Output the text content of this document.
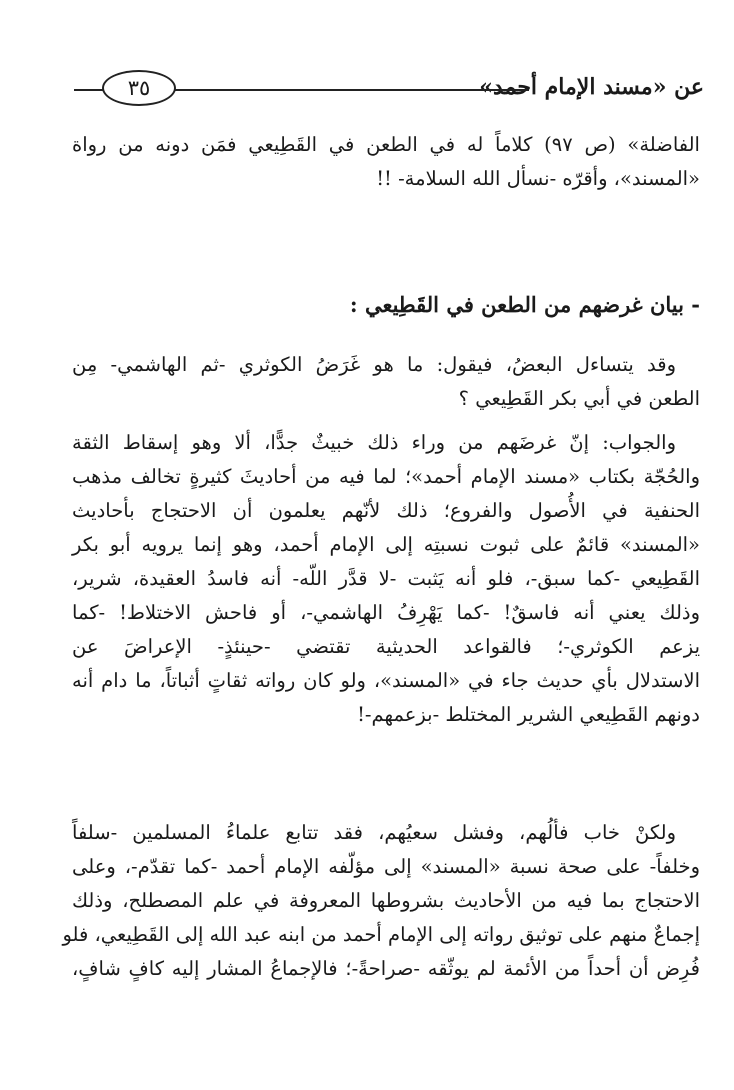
عن «مسند الإمام أحمد»
٣٥
الفاضلة» (ص ٩٧) كلاماً له في الطعن في القَطِيعي فمَن دونه من رواة
«المسند»، وأقرّه -نسأل الله السلامة- !!
- بيان غرضهم من الطعن في القَطِيعي :
وقد يتساءل البعضُ، فيقول: ما هو غَرَضُ الكوثري -ثم الهاشمي- مِن
الطعن في أبي بكر القَطِيعي ؟
والجواب: إنّ غرضَهم من وراء ذلك خبيثٌ جدًّا، ألا وهو إسقاط الثقة
والحُجّة بكتاب «مسند الإمام أحمد»؛ لما فيه من أحاديثَ كثيرةٍ تخالف مذهب
الحنفية في الأُصول والفروع؛ ذلك لأنّهم يعلمون أن الاحتجاج بأحاديث
«المسند» قائمٌ على ثبوت نسبتِه إلى الإمام أحمد، وهو إنما يرويه أبو بكر
القَطِيعي -كما سبق-، فلو أنه يَثبت -لا قدَّر اللّه- أنه فاسدُ العقيدة، شرير،
وذلك يعني أنه فاسقٌ! -كما يَهْرِفُ الهاشمي-، أو فاحش الاختلاط! -كما
يزعم الكوثري-؛ فالقواعد الحديثية تقتضي -حينئذٍ- الإعراضَ عن
الاستدلال بأي حديث جاء في «المسند»، ولو كان رواته ثقاتٍ أثباتاً، ما دام أنه
دونهم القَطِيعي الشرير المختلط -بزعمهم-!
ولكنْ خاب فألُهم، وفشل سعيُهم، فقد تتابع علماءُ المسلمين -سلفاً
وخلفاً- على صحة نسبة «المسند» إلى مؤلّفه الإمام أحمد -كما تقدّم-، وعلى
الاحتجاج بما فيه من الأحاديث بشروطها المعروفة في علم المصطلح، وذلك
إجماعٌ منهم على توثيق رواته إلى الإمام أحمد من ابنه عبد الله إلى القَطِيعي، فلو
فُرِض أن أحداً من الأئمة لم يوثّقه -صراحةً-؛ فالإجماعُ المشار إليه كافٍ شافٍ،
